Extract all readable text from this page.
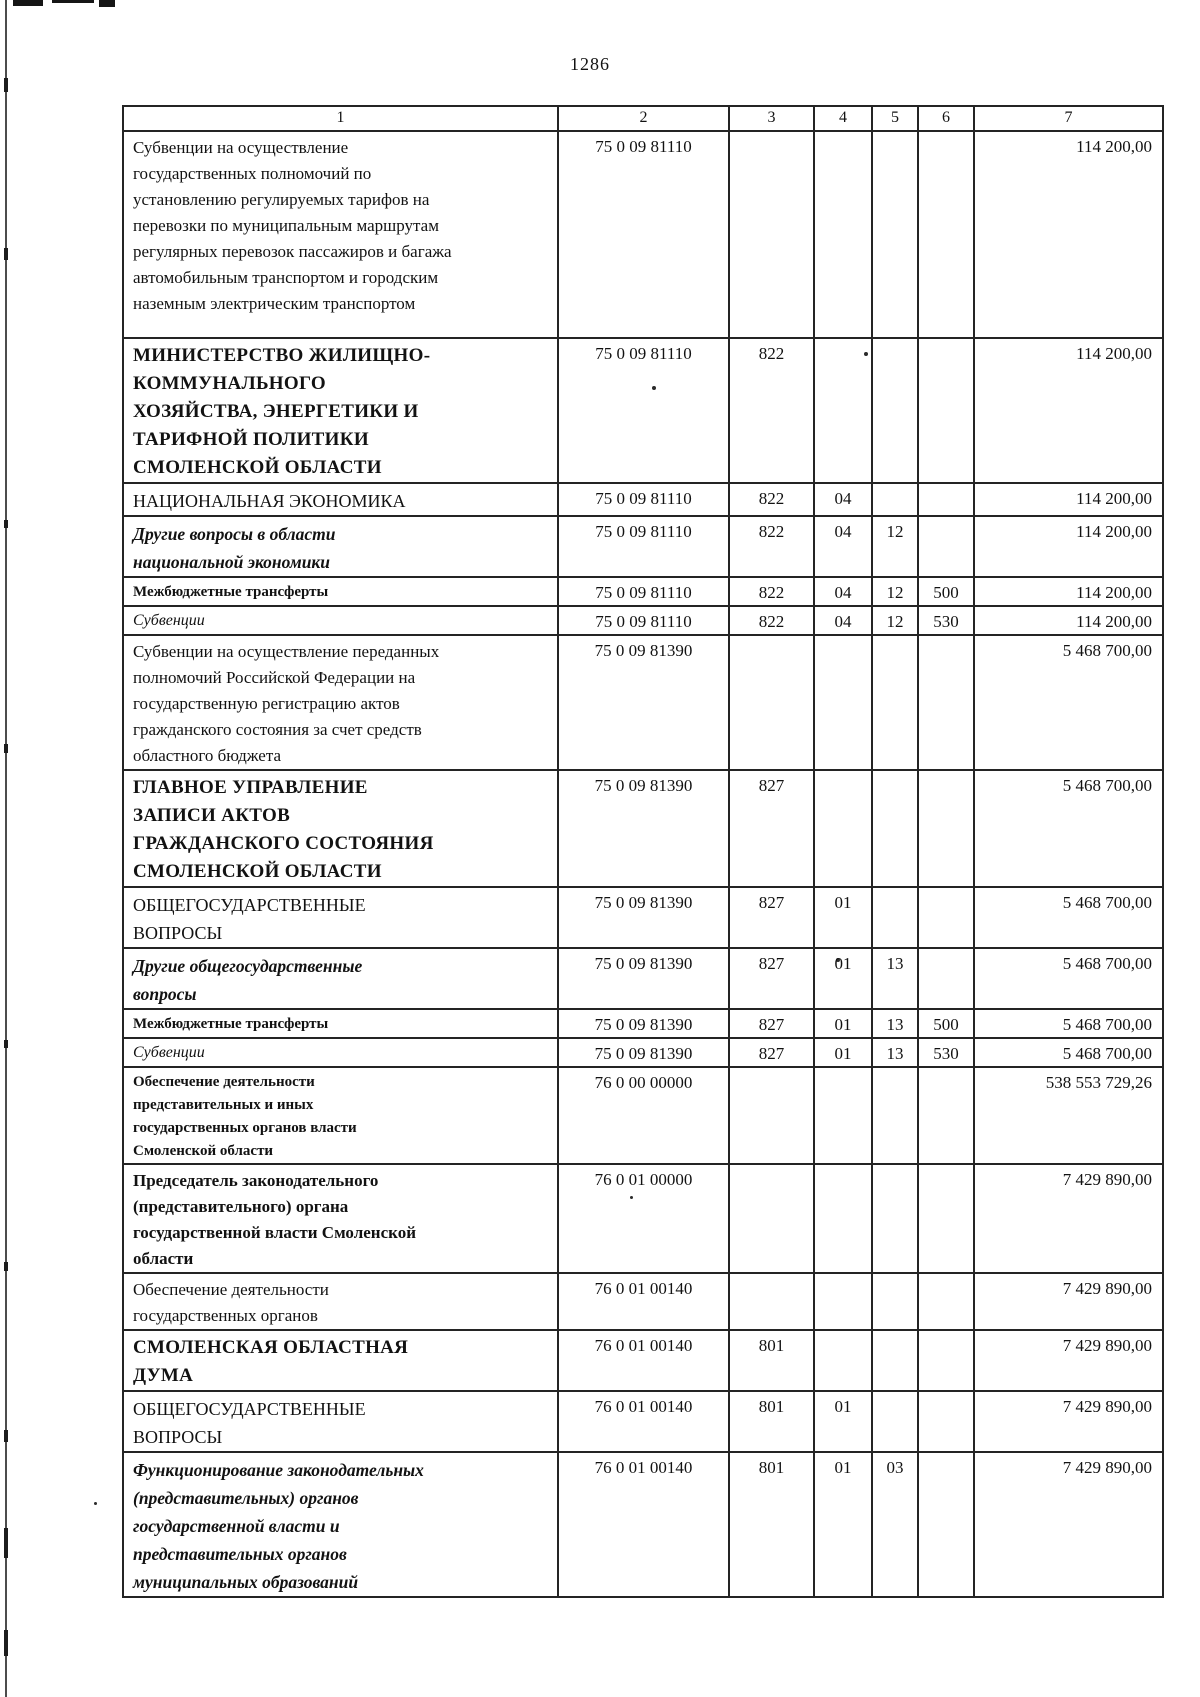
1286
1	2	3	4	5	6	7

Субвенции на осуществление государственных полномочий по установлению регулируемых тарифов на перевозки по муниципальным маршрутам регулярных перевозок пассажиров и багажа автомобильным транспортом и городским наземным электрическим транспортом	75 0 09 81110					114 200,00

МИНИСТЕРСТВО ЖИЛИЩНО-КОММУНАЛЬНОГО ХОЗЯЙСТВА, ЭНЕРГЕТИКИ И ТАРИФНОЙ ПОЛИТИКИ СМОЛЕНСКОЙ ОБЛАСТИ	75 0 09 81110	822				114 200,00

НАЦИОНАЛЬНАЯ ЭКОНОМИКА	75 0 09 81110	822	04			114 200,00

Другие вопросы в области национальной экономики	75 0 09 81110	822	04	12		114 200,00

Межбюджетные трансферты	75 0 09 81110	822	04	12	500	114 200,00

Субвенции	75 0 09 81110	822	04	12	530	114 200,00

Субвенции на осуществление переданных полномочий Российской Федерации на государственную регистрацию актов гражданского состояния за счет средств областного бюджета	75 0 09 81390					5 468 700,00

ГЛАВНОЕ УПРАВЛЕНИЕ ЗАПИСИ АКТОВ ГРАЖДАНСКОГО СОСТОЯНИЯ СМОЛЕНСКОЙ ОБЛАСТИ	75 0 09 81390	827				5 468 700,00

ОБЩЕГОСУДАРСТВЕННЫЕ ВОПРОСЫ	75 0 09 81390	827	01			5 468 700,00

Другие общегосударственные вопросы	75 0 09 81390	827	01	13		5 468 700,00

Межбюджетные трансферты	75 0 09 81390	827	01	13	500	5 468 700,00

Субвенции	75 0 09 81390	827	01	13	530	5 468 700,00

Обеспечение деятельности представительных и иных государственных органов власти Смоленской области	76 0 00 00000					538 553 729,26

Председатель законодательного (представительного) органа государственной власти Смоленской области	76 0 01 00000					7 429 890,00

Обеспечение деятельности государственных органов	76 0 01 00140					7 429 890,00

СМОЛЕНСКАЯ ОБЛАСТНАЯ ДУМА	76 0 01 00140	801				7 429 890,00

ОБЩЕГОСУДАРСТВЕННЫЕ ВОПРОСЫ	76 0 01 00140	801	01			7 429 890,00

Функционирование законодательных (представительных) органов государственной власти и представительных органов муниципальных образований	76 0 01 00140	801	01	03		7 429 890,00
